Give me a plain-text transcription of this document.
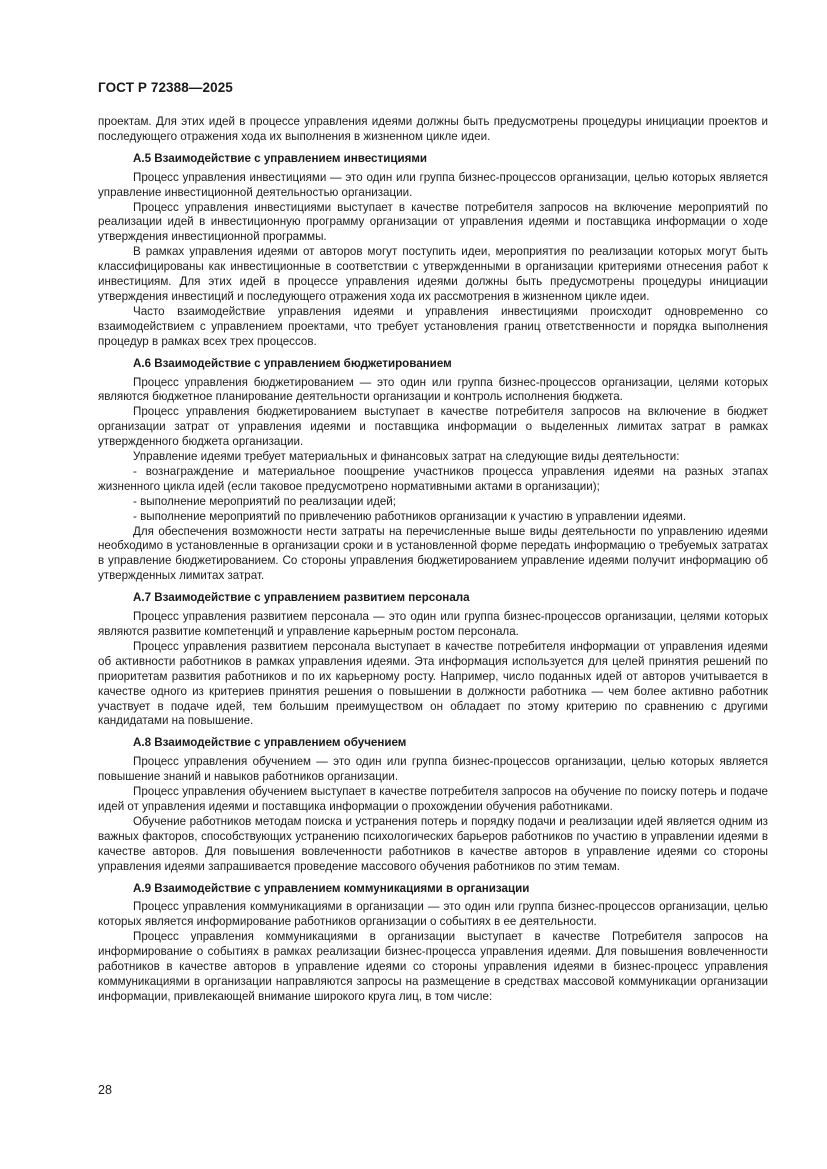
ГОСТ Р 72388—2025

проектам. Для этих идей в процессе управления идеями должны быть предусмотрены процедуры инициации проектов и последующего отражения хода их выполнения в жизненном цикле идеи.

А.5 Взаимодействие с управлением инвестициями

Процесс управления инвестициями — это один или группа бизнес-процессов организации, целью которых является управление инвестиционной деятельностью организации.

Процесс управления инвестициями выступает в качестве потребителя запросов на включение мероприятий по реализации идей в инвестиционную программу организации от управления идеями и поставщика информации о ходе утверждения инвестиционной программы.

В рамках управления идеями от авторов могут поступить идеи, мероприятия по реализации которых могут быть классифицированы как инвестиционные в соответствии с утвержденными в организации критериями отнесения работ к инвестициям. Для этих идей в процессе управления идеями должны быть предусмотрены процедуры инициации утверждения инвестиций и последующего отражения хода их рассмотрения в жизненном цикле идеи.

Часто взаимодействие управления идеями и управления инвестициями происходит одновременно со взаимодействием с управлением проектами, что требует установления границ ответственности и порядка выполнения процедур в рамках всех трех процессов.

А.6 Взаимодействие с управлением бюджетированием

Процесс управления бюджетированием — это один или группа бизнес-процессов организации, целями которых являются бюджетное планирование деятельности организации и контроль исполнения бюджета.

Процесс управления бюджетированием выступает в качестве потребителя запросов на включение в бюджет организации затрат от управления идеями и поставщика информации о выделенных лимитах затрат в рамках утвержденного бюджета организации.

Управление идеями требует материальных и финансовых затрат на следующие виды деятельности:

- вознаграждение и материальное поощрение участников процесса управления идеями на разных этапах жизненного цикла идей (если таковое предусмотрено нормативными актами в организации);

- выполнение мероприятий по реализации идей;

- выполнение мероприятий по привлечению работников организации к участию в управлении идеями.

Для обеспечения возможности нести затраты на перечисленные выше виды деятельности по управлению идеями необходимо в установленные в организации сроки и в установленной форме передать информацию о требуемых затратах в управление бюджетированием. Со стороны управления бюджетированием управление идеями получит информацию об утвержденных лимитах затрат.

А.7 Взаимодействие с управлением развитием персонала

Процесс управления развитием персонала — это один или группа бизнес-процессов организации, целями которых являются развитие компетенций и управление карьерным ростом персонала.

Процесс управления развитием персонала выступает в качестве потребителя информации от управления идеями об активности работников в рамках управления идеями. Эта информация используется для целей принятия решений по приоритетам развития работников и по их карьерному росту. Например, число поданных идей от авторов учитывается в качестве одного из критериев принятия решения о повышении в должности работника — чем более активно работник участвует в подаче идей, тем большим преимуществом он обладает по этому критерию по сравнению с другими кандидатами на повышение.

А.8 Взаимодействие с управлением обучением

Процесс управления обучением — это один или группа бизнес-процессов организации, целью которых является повышение знаний и навыков работников организации.

Процесс управления обучением выступает в качестве потребителя запросов на обучение по поиску потерь и подаче идей от управления идеями и поставщика информации о прохождении обучения работниками.

Обучение работников методам поиска и устранения потерь и порядку подачи и реализации идей является одним из важных факторов, способствующих устранению психологических барьеров работников по участию в управлении идеями в качестве авторов. Для повышения вовлеченности работников в качестве авторов в управление идеями со стороны управления идеями запрашивается проведение массового обучения работников по этим темам.

А.9 Взаимодействие с управлением коммуникациями в организации

Процесс управления коммуникациями в организации — это один или группа бизнес-процессов организации, целью которых является информирование работников организации о событиях в ее деятельности.

Процесс управления коммуникациями в организации выступает в качестве Потребителя запросов на информирование о событиях в рамках реализации бизнес-процесса управления идеями. Для повышения вовлеченности работников в качестве авторов в управление идеями со стороны управления идеями в бизнес-процесс управления коммуникациями в организации направляются запросы на размещение в средствах массовой коммуникации организации информации, привлекающей внимание широкого круга лиц, в том числе:

28
